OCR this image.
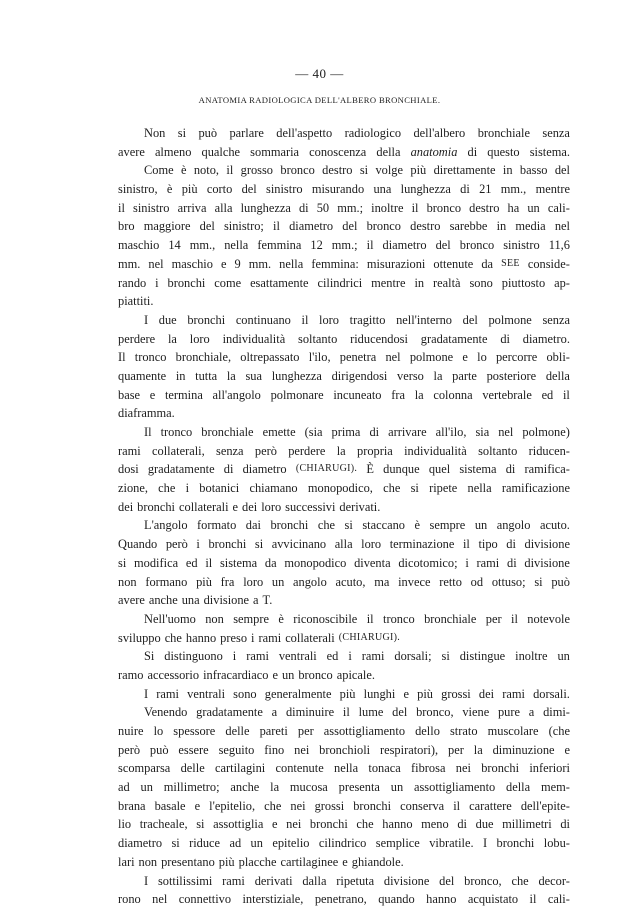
— 40 —
ANATOMIA RADIOLOGICA DELL'ALBERO BRONCHIALE.
Non si può parlare dell'aspetto radiologico dell'albero bronchiale senza
avere almeno qualche sommaria conoscenza della anatomia di questo sistema.
Come è noto, il grosso bronco destro si volge più direttamente in basso del
sinistro, è più corto del sinistro misurando una lunghezza di 21 mm., mentre
il sinistro arriva alla lunghezza di 50 mm.; inoltre il bronco destro ha un cali-
bro maggiore del sinistro; il diametro del bronco destro sarebbe in media nel
maschio 14 mm., nella femmina 12 mm.; il diametro del bronco sinistro 11,6
mm. nel maschio e 9 mm. nella femmina: misurazioni ottenute da SEE conside-
rando i bronchi come esattamente cilindrici mentre in realtà sono piuttosto ap-
piattiti.
I due bronchi continuano il loro tragitto nell'interno del polmone senza
perdere la loro individualità soltanto riducendosi gradatamente di diametro.
Il tronco bronchiale, oltrepassato l'ilo, penetra nel polmone e lo percorre obli-
quamente in tutta la sua lunghezza dirigendosi verso la parte posteriore della
base e termina all'angolo polmonare incuneato fra la colonna vertebrale ed il
diaframma.
Il tronco bronchiale emette (sia prima di arrivare all'ilo, sia nel polmone)
rami collaterali, senza però perdere la propria individualità soltanto riducen-
dosi gradatamente di diametro (CHIARUGI). È dunque quel sistema di ramifica-
zione, che i botanici chiamano monopodico, che si ripete nella ramificazione
dei bronchi collaterali e dei loro successivi derivati.
L'angolo formato dai bronchi che si staccano è sempre un angolo acuto.
Quando però i bronchi si avvicinano alla loro terminazione il tipo di divisione
si modifica ed il sistema da monopodico diventa dicotomico; i rami di divisione
non formano più fra loro un angolo acuto, ma invece retto od ottuso; si può
avere anche una divisione a T.
Nell'uomo non sempre è riconoscibile il tronco bronchiale per il notevole
sviluppo che hanno preso i rami collaterali (CHIARUGI).
Si distinguono i rami ventrali ed i rami dorsali; si distingue inoltre un
ramo accessorio infracardiaco e un bronco apicale.
I rami ventrali sono generalmente più lunghi e più grossi dei rami dorsali.
Venendo gradatamente a diminuire il lume del bronco, viene pure a dimi-
nuire lo spessore delle pareti per assottigliamento dello strato muscolare (che
però può essere seguito fino nei bronchioli respiratori), per la diminuzione e
scomparsa delle cartilagini contenute nella tonaca fibrosa nei bronchi inferiori
ad un millimetro; anche la mucosa presenta un assottigliamento della mem-
brana basale e l'epitelio, che nei grossi bronchi conserva il carattere dell'epite-
lio tracheale, si assottiglia e nei bronchi che hanno meno di due millimetri di
diametro si riduce ad un epitelio cilindrico semplice vibratile. I bronchi lobu-
lari non presentano più placche cartilaginee e ghiandole.
I sottilissimi rami derivati dalla ripetuta divisione del bronco, che decor-
rono nel connettivo interstiziale, penetrano, quando hanno acquistato il cali-
